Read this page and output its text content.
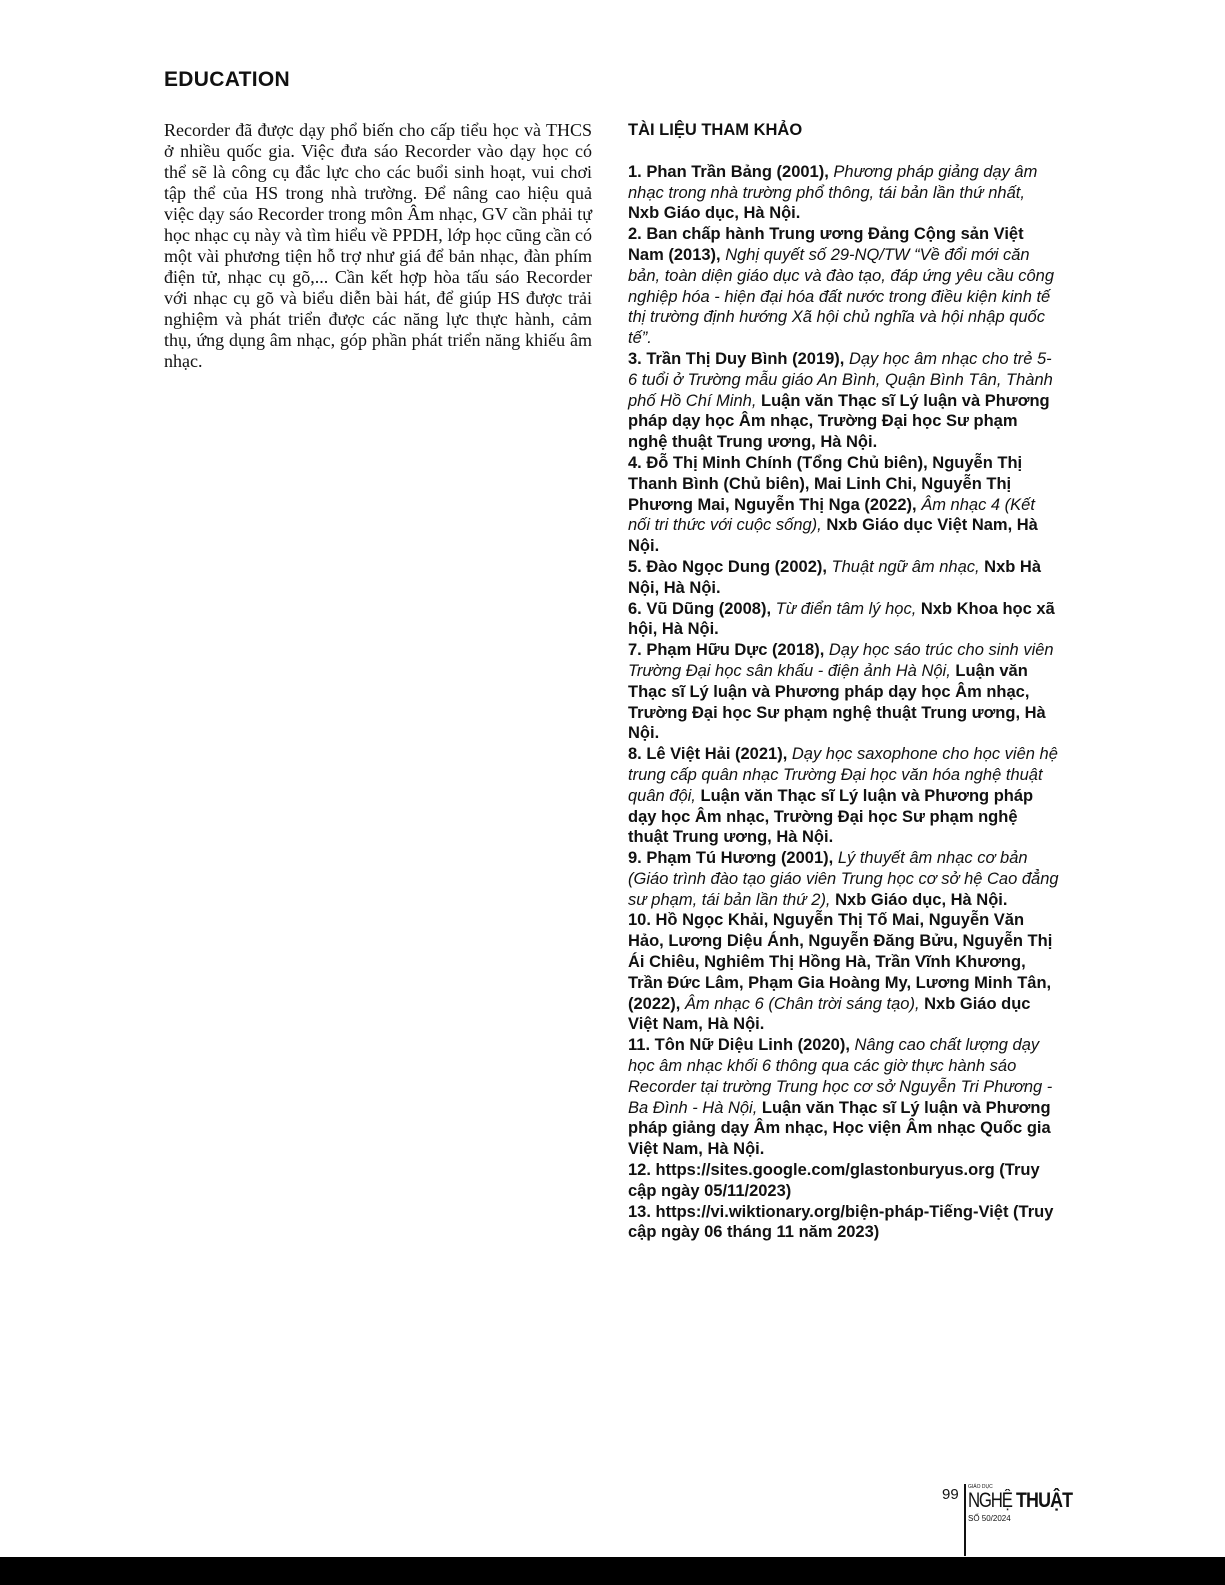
EDUCATION

Recorder đã được dạy phổ biến cho cấp tiểu học và THCS ở nhiều quốc gia. Việc đưa sáo Recorder vào dạy học có thể sẽ là công cụ đắc lực cho các buổi sinh hoạt, vui chơi tập thể của HS trong nhà trường. Để nâng cao hiệu quả việc dạy sáo Recorder trong môn Âm nhạc, GV cần phải tự học nhạc cụ này và tìm hiểu về PPDH, lớp học cũng cần có một vài phương tiện hỗ trợ như giá để bản nhạc, đàn phím điện tử, nhạc cụ gõ,... Cần kết hợp hòa tấu sáo Recorder với nhạc cụ gõ và biểu diễn bài hát, để giúp HS được trải nghiệm và phát triển được các năng lực thực hành, cảm thụ, ứng dụng âm nhạc, góp phần phát triển năng khiếu âm nhạc.

TÀI LIỆU THAM KHẢO

1. Phan Trần Bảng (2001), Phương pháp giảng dạy âm nhạc trong nhà trường phổ thông, tái bản lần thứ nhất, Nxb Giáo dục, Hà Nội.

2. Ban chấp hành Trung ương Đảng Cộng sản Việt Nam (2013), Nghị quyết số 29-NQ/TW “Về đổi mới căn bản, toàn diện giáo dục và đào tạo, đáp ứng yêu cầu công nghiệp hóa - hiện đại hóa đất nước trong điều kiện kinh tế thị trường định hướng Xã hội chủ nghĩa và hội nhập quốc tế”.

3. Trần Thị Duy Bình (2019), Dạy học âm nhạc cho trẻ 5-6 tuổi ở Trường mẫu giáo An Bình, Quận Bình Tân, Thành phố Hồ Chí Minh, Luận văn Thạc sĩ Lý luận và Phương pháp dạy học Âm nhạc, Trường Đại học Sư phạm nghệ thuật Trung ương, Hà Nội.

4. Đỗ Thị Minh Chính (Tổng Chủ biên), Nguyễn Thị Thanh Bình (Chủ biên), Mai Linh Chi, Nguyễn Thị Phương Mai, Nguyễn Thị Nga (2022), Âm nhạc 4 (Kết nối tri thức với cuộc sống), Nxb Giáo dục Việt Nam, Hà Nội.

5. Đào Ngọc Dung (2002), Thuật ngữ âm nhạc, Nxb Hà Nội, Hà Nội.

6. Vũ Dũng (2008), Từ điển tâm lý học, Nxb Khoa học xã hội, Hà Nội.

7. Phạm Hữu Dực (2018), Dạy học sáo trúc cho sinh viên Trường Đại học sân khấu - điện ảnh Hà Nội, Luận văn Thạc sĩ Lý luận và Phương pháp dạy học Âm nhạc, Trường Đại học Sư phạm nghệ thuật Trung ương, Hà Nội.

8. Lê Việt Hải (2021), Dạy học saxophone cho học viên hệ trung cấp quân nhạc Trường Đại học văn hóa nghệ thuật quân đội, Luận văn Thạc sĩ Lý luận và Phương pháp dạy học Âm nhạc, Trường Đại học Sư phạm nghệ thuật Trung ương, Hà Nội.

9. Phạm Tú Hương (2001), Lý thuyết âm nhạc cơ bản (Giáo trình đào tạo giáo viên Trung học cơ sở hệ Cao đẳng sư phạm, tái bản lần thứ 2), Nxb Giáo dục, Hà Nội.

10. Hồ Ngọc Khải, Nguyễn Thị Tố Mai, Nguyễn Văn Hảo, Lương Diệu Ánh, Nguyễn Đăng Bửu, Nguyễn Thị Ái Chiêu, Nghiêm Thị Hồng Hà, Trần Vĩnh Khương, Trần Đức Lâm, Phạm Gia Hoàng My, Lương Minh Tân, (2022), Âm nhạc 6 (Chân trời sáng tạo), Nxb Giáo dục Việt Nam, Hà Nội.

11. Tôn Nữ Diệu Linh (2020), Nâng cao chất lượng dạy học âm nhạc khối 6 thông qua các giờ thực hành sáo Recorder tại trường Trung học cơ sở Nguyễn Tri Phương - Ba Đình - Hà Nội, Luận văn Thạc sĩ Lý luận và Phương pháp giảng dạy Âm nhạc, Học viện Âm nhạc Quốc gia Việt Nam, Hà Nội.

12. https://sites.google.com/glastonburyus.org (Truy cập ngày 05/11/2023)

13. https://vi.wiktionary.org/biện-pháp-Tiếng-Việt (Truy cập ngày 06 tháng 11 năm 2023)

99 GIÁO DỤC
NGHỆ THUẬT
SỐ 50/2024
